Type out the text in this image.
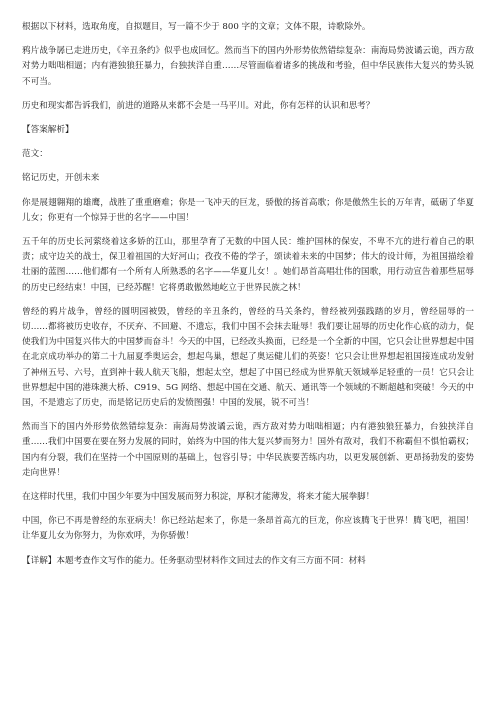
根据以下材料，选取角度，自拟题目，写一篇不少于 800 字的文章；文体不限，诗歌除外。

鸦片战争孱已走进历史，《辛丑条约》似乎也成回忆。然而当下的国内外形势依然错综复杂：南海局势波谲云诡，西方敌对势力咄咄相逼；内有港独狼狂暴力，台独挟洋自重……尽管面临着诸多的挑战和考验，但中华民族伟大复兴的势头锐不可当。

历史和现实都告诉我们，前进的道路从来都不会是一马平川。对此，你有怎样的认识和思考？

【答案解析】

范文：

铭记历史，开创未来

你是展翅翱翔的雄鹰，战胜了重重磨难；你是一飞冲天的巨龙，骄傲的扬首高歌；你是傲然生长的万年青，砥砺了华夏儿女；你更有一个惊异于世的名字——中国！

五千年的历史长河萦绕着这多娇的江山，那里孕育了无数的中国人民：维护国林的保安，不卑不亢的进行着自己的职责；成守边关的战士，保卫着祖国的大好河山；孜孜不倦的学子，颂读着未来的中国梦；伟大的设计师，为祖国描绘着壮丽的蓝图……他们都有一个所有人所熟悉的名字——华夏儿女！。她们昂首高唱壮伟的国歌，用行动宣告着那些屈辱的历史已经结束！中国，已经苏醒！它将勇敢傲然地屹立于世界民族之林！

曾经的鸦片战争，曾经的圆明园被毁，曾经的辛丑条约，曾经的马关条约，曾经被列强践踏的岁月，曾经屈辱的一切……都将被历史收存，不厌弃、不回避、不遗忘，我们中国不会抹去耻辱！我们要让屈辱的历史化作心底的动力，促使我们为中国复兴伟大的中国梦而奋斗！今天的中国，已经改头换面，已经是一个全新的中国，它只会让世界想起中国在北京成功举办的第二十九届夏季奥运会，想起鸟巢，想起了奥运健儿们的英姿！它只会让世界想起祖国接连成功发射了神州五号、六号，直到神十载人航天飞船，想起太空，想起了中国已经成为世界航天领域举足轻重的一员！它只会让世界想起中国的港珠澳大桥、C919、5G 网络、想起中国在交通、航天、通讯等一个领域的不断超越和突破！今天的中国，不是遗忘了历史，而是铭记历史后的发愤图强！中国的发展，锐不可当！

然而当下的国内外形势依然错综复杂：南海局势波谲云诡，西方敌对势力咄咄相逼；内有港独狼狂暴力，台独挟洋自重……我们中国要在要在努力发展的同时，始终为中国的伟大复兴梦而努力！国外有敌对，我们不称霸但不惧怕霸权；国内有分裂，我们在坚持一个中国原则的基础上，包容引导；中华民族要苦练内功，以更发展创新、更昂扬勃发的姿势走向世界！

在这样时代里，我们中国少年要为中国发展而努力积淀，厚积才能薄发，将来才能大展拳脚！

中国，你已不再是曾经的东亚病夫！你已经站起来了，你是一条昂首高亢的巨龙，你应该腾飞于世界！腾飞吧，祖国！让华夏儿女为你努力，为你欢呼，为你骄傲！

【详解】本题考查作文写作的能力。任务驱动型材料作文回过去的作文有三方面不同：材料
